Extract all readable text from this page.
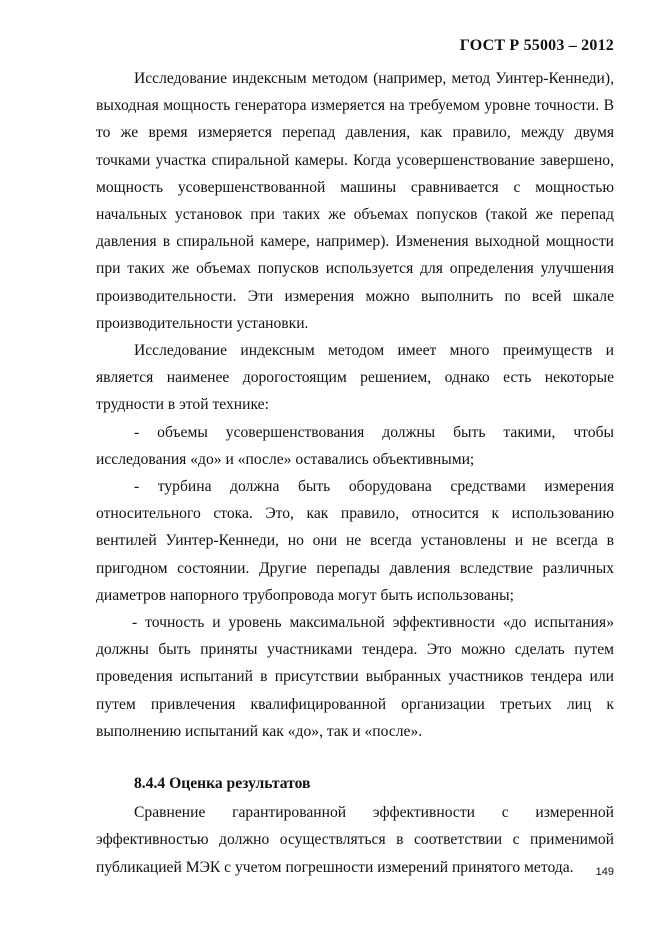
ГОСТ Р 55003 – 2012

Исследование индексным методом (например, метод Уинтер-Кеннеди), выходная мощность генератора измеряется на требуемом уровне точности. В то же время измеряется перепад давления, как правило, между двумя точками участка спиральной камеры. Когда усовершенствование завершено, мощность усовершенствованной машины сравнивается с мощностью начальных установок при таких же объемах попусков (такой же перепад давления в спиральной камере, например). Изменения выходной мощности при таких же объемах попусков используется для определения улучшения производительности. Эти измерения можно выполнить по всей шкале производительности установки.

Исследование индексным методом имеет много преимуществ и является наименее дорогостоящим решением, однако есть некоторые трудности в этой технике:

- объемы усовершенствования должны быть такими, чтобы исследования «до» и «после» оставались объективными;

- турбина должна быть оборудована средствами измерения относительного стока. Это, как правило, относится к использованию вентилей Уинтер-Кеннеди, но они не всегда установлены и не всегда в пригодном состоянии. Другие перепады давления вследствие различных диаметров напорного трубопровода могут быть использованы;

- точность и уровень максимальной эффективности «до испытания» должны быть приняты участниками тендера. Это можно сделать путем проведения испытаний в присутствии выбранных участников тендера или путем привлечения квалифицированной организации третьих лиц к выполнению испытаний как «до», так и «после».

8.4.4 Оценка результатов

Сравнение гарантированной эффективности с измеренной эффективностью должно осуществляться в соответствии с применимой публикацией МЭК с учетом погрешности измерений принятого метода.	149
